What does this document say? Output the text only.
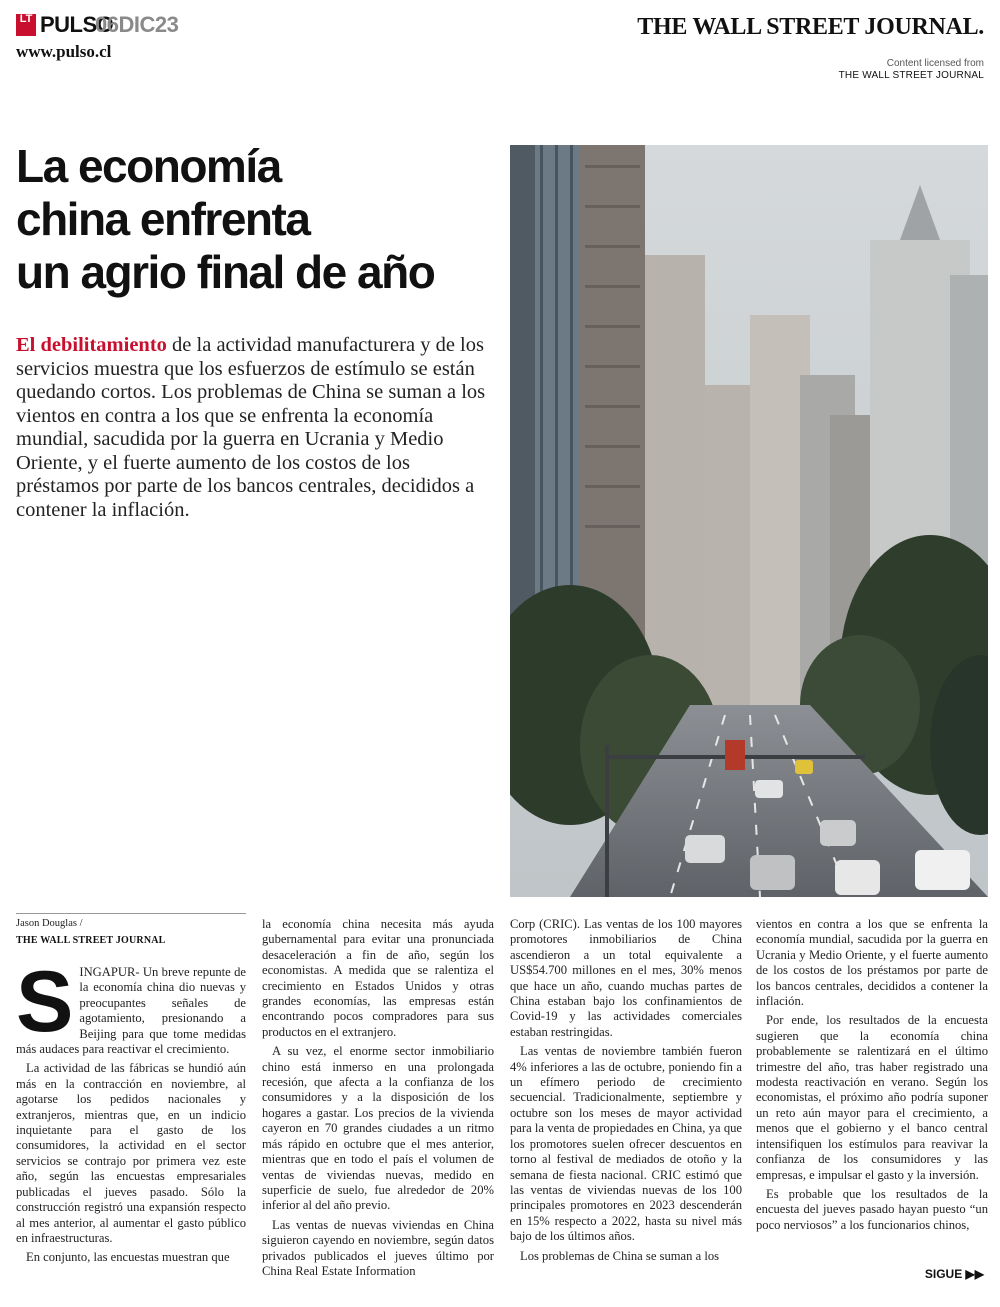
LT PULSO
06DIC23
www.pulso.cl
THE WALL STREET JOURNAL.
Content licensed from
THE WALL STREET JOURNAL
La economía
china enfrenta
un agrio final de año
El debilitamiento de la actividad manufacturera y de los servicios muestra que los esfuerzos de estímulo se están quedando cortos. Los problemas de China se suman a los vientos en contra a los que se enfrenta la economía mundial, sacudida por la guerra en Ucrania y Medio Oriente, y el fuerte aumento de los costos de los préstamos por parte de los bancos centrales, decididos a contener la inflación.
Jason Douglas /
THE WALL STREET JOURNAL

SINGAPUR- Un breve repunte de la economía china dio nuevas y preocupantes señales de agotamiento, presionando a Beijing para que tome medidas más audaces para reactivar el crecimiento.

La actividad de las fábricas se hundió aún más en la contracción en noviembre, al agotarse los pedidos nacionales y extranjeros, mientras que, en un indicio inquietante para el gasto de los consumidores, la actividad en el sector servicios se contrajo por primera vez este año, según las encuestas empresariales publicadas el jueves pasado. Sólo la construcción registró una expansión respecto al mes anterior, al aumentar el gasto público en infraestructuras.

En conjunto, las encuestas muestran que

la economía china necesita más ayuda gubernamental para evitar una pronunciada desaceleración a fin de año, según los economistas. A medida que se ralentiza el crecimiento en Estados Unidos y otras grandes economías, las empresas están encontrando pocos compradores para sus productos en el extranjero.

A su vez, el enorme sector inmobiliario chino está inmerso en una prolongada recesión, que afecta a la confianza de los consumidores y a la disposición de los hogares a gastar. Los precios de la vivienda cayeron en 70 grandes ciudades a un ritmo más rápido en octubre que el mes anterior, mientras que en todo el país el volumen de ventas de viviendas nuevas, medido en superficie de suelo, fue alrededor de 20% inferior al del año previo.

Las ventas de nuevas viviendas en China siguieron cayendo en noviembre, según datos privados publicados el jueves último por China Real Estate Information

Corp (CRIC). Las ventas de los 100 mayores promotores inmobiliarios de China ascendieron a un total equivalente a US$54.700 millones en el mes, 30% menos que hace un año, cuando muchas partes de China estaban bajo los confinamientos de Covid-19 y las actividades comerciales estaban restringidas.

Las ventas de noviembre también fueron 4% inferiores a las de octubre, poniendo fin a un efímero periodo de crecimiento secuencial. Tradicionalmente, septiembre y octubre son los meses de mayor actividad para la venta de propiedades en China, ya que los promotores suelen ofrecer descuentos en torno al festival de mediados de otoño y la semana de fiesta nacional. CRIC estimó que las ventas de viviendas nuevas de los 100 principales promotores en 2023 descenderán en 15% respecto a 2022, hasta su nivel más bajo de los últimos años.

Los problemas de China se suman a los

vientos en contra a los que se enfrenta la economía mundial, sacudida por la guerra en Ucrania y Medio Oriente, y el fuerte aumento de los costos de los préstamos por parte de los bancos centrales, decididos a contener la inflación.

Por ende, los resultados de la encuesta sugieren que la economía china probablemente se ralentizará en el último trimestre del año, tras haber registrado una modesta reactivación en verano. Según los economistas, el próximo año podría suponer un reto aún mayor para el crecimiento, a menos que el gobierno y el banco central intensifiquen los estímulos para reavivar la confianza de los consumidores y las empresas, e impulsar el gasto y la inversión.

Es probable que los resultados de la encuesta del jueves pasado hayan puesto “un poco nerviosos” a los funcionarios chinos,

SIGUE ▶▶
